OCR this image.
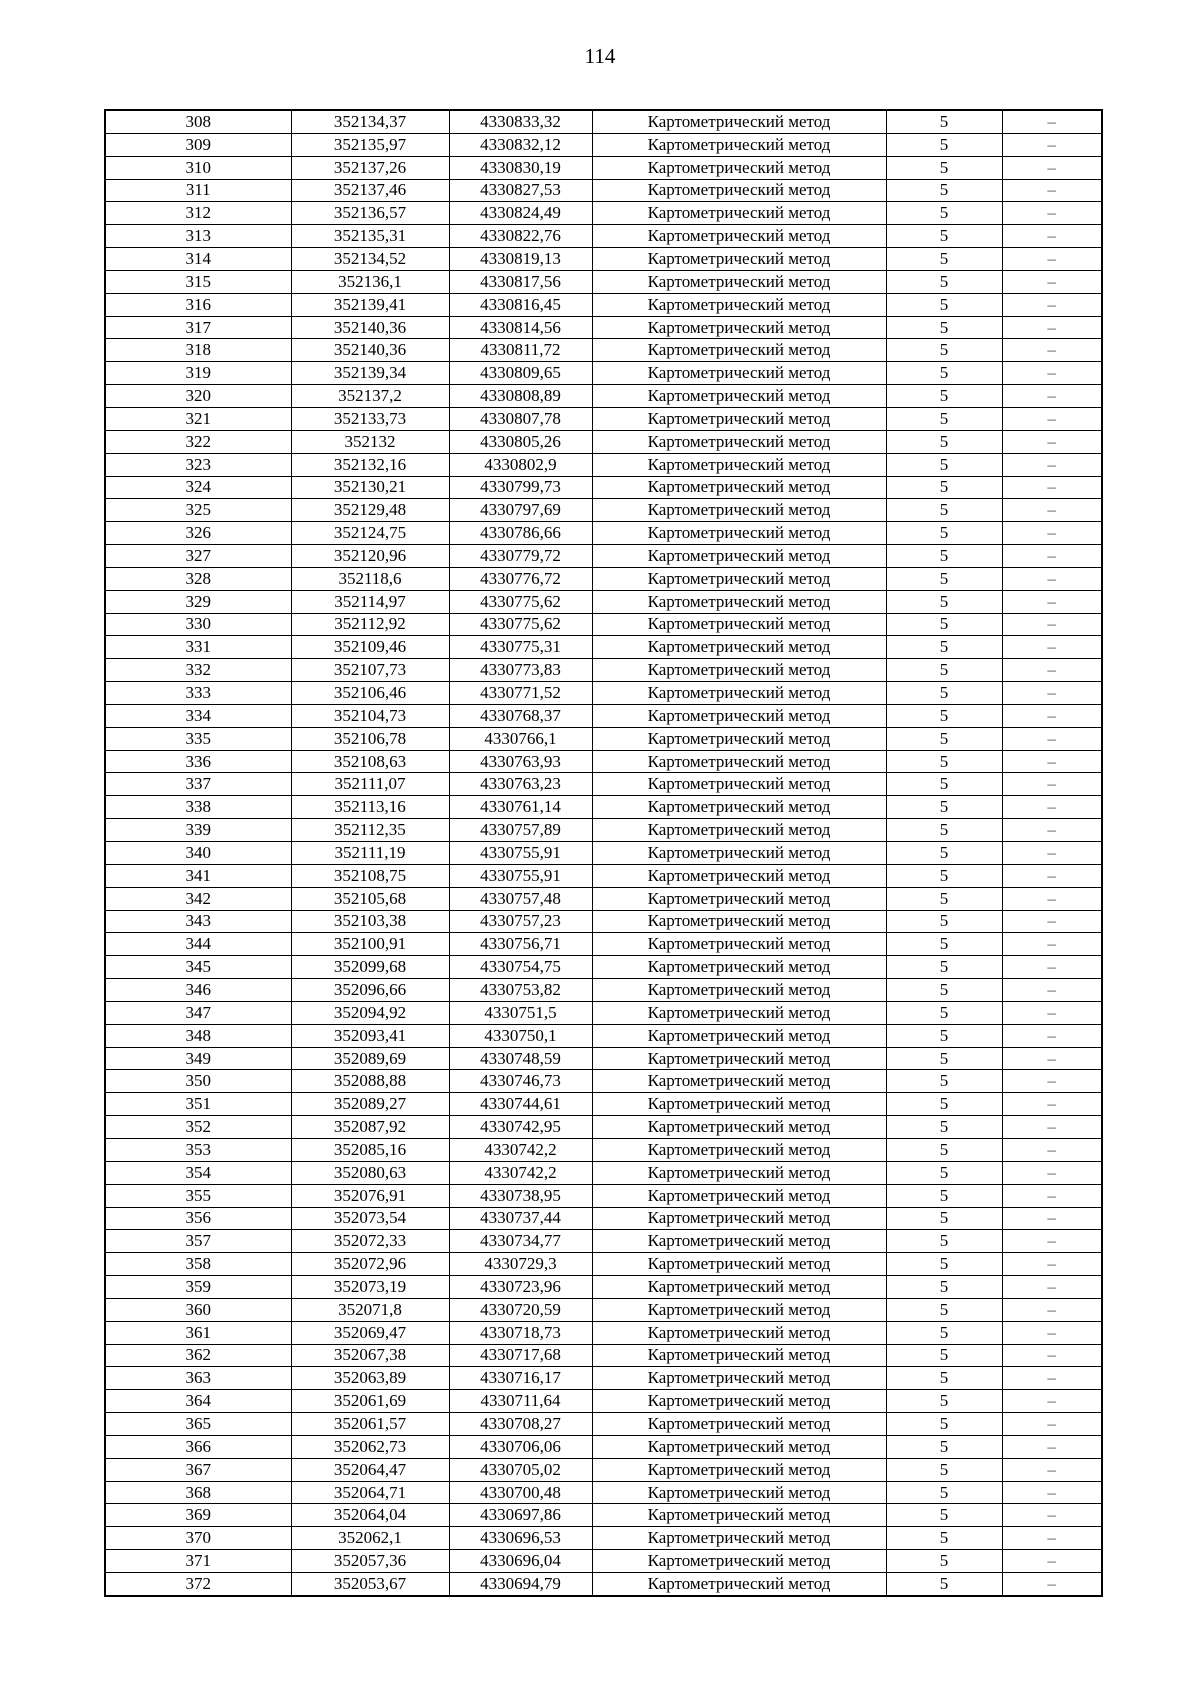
114
308	352134,37	4330833,32	Картометрический метод	5	–
309	352135,97	4330832,12	Картометрический метод	5	–
310	352137,26	4330830,19	Картометрический метод	5	–
311	352137,46	4330827,53	Картометрический метод	5	–
312	352136,57	4330824,49	Картометрический метод	5	–
313	352135,31	4330822,76	Картометрический метод	5	–
314	352134,52	4330819,13	Картометрический метод	5	–
315	352136,1	4330817,56	Картометрический метод	5	–
316	352139,41	4330816,45	Картометрический метод	5	–
317	352140,36	4330814,56	Картометрический метод	5	–
318	352140,36	4330811,72	Картометрический метод	5	–
319	352139,34	4330809,65	Картометрический метод	5	–
320	352137,2	4330808,89	Картометрический метод	5	–
321	352133,73	4330807,78	Картометрический метод	5	–
322	352132	4330805,26	Картометрический метод	5	–
323	352132,16	4330802,9	Картометрический метод	5	–
324	352130,21	4330799,73	Картометрический метод	5	–
325	352129,48	4330797,69	Картометрический метод	5	–
326	352124,75	4330786,66	Картометрический метод	5	–
327	352120,96	4330779,72	Картометрический метод	5	–
328	352118,6	4330776,72	Картометрический метод	5	–
329	352114,97	4330775,62	Картометрический метод	5	–
330	352112,92	4330775,62	Картометрический метод	5	–
331	352109,46	4330775,31	Картометрический метод	5	–
332	352107,73	4330773,83	Картометрический метод	5	–
333	352106,46	4330771,52	Картометрический метод	5	–
334	352104,73	4330768,37	Картометрический метод	5	–
335	352106,78	4330766,1	Картометрический метод	5	–
336	352108,63	4330763,93	Картометрический метод	5	–
337	352111,07	4330763,23	Картометрический метод	5	–
338	352113,16	4330761,14	Картометрический метод	5	–
339	352112,35	4330757,89	Картометрический метод	5	–
340	352111,19	4330755,91	Картометрический метод	5	–
341	352108,75	4330755,91	Картометрический метод	5	–
342	352105,68	4330757,48	Картометрический метод	5	–
343	352103,38	4330757,23	Картометрический метод	5	–
344	352100,91	4330756,71	Картометрический метод	5	–
345	352099,68	4330754,75	Картометрический метод	5	–
346	352096,66	4330753,82	Картометрический метод	5	–
347	352094,92	4330751,5	Картометрический метод	5	–
348	352093,41	4330750,1	Картометрический метод	5	–
349	352089,69	4330748,59	Картометрический метод	5	–
350	352088,88	4330746,73	Картометрический метод	5	–
351	352089,27	4330744,61	Картометрический метод	5	–
352	352087,92	4330742,95	Картометрический метод	5	–
353	352085,16	4330742,2	Картометрический метод	5	–
354	352080,63	4330742,2	Картометрический метод	5	–
355	352076,91	4330738,95	Картометрический метод	5	–
356	352073,54	4330737,44	Картометрический метод	5	–
357	352072,33	4330734,77	Картометрический метод	5	–
358	352072,96	4330729,3	Картометрический метод	5	–
359	352073,19	4330723,96	Картометрический метод	5	–
360	352071,8	4330720,59	Картометрический метод	5	–
361	352069,47	4330718,73	Картометрический метод	5	–
362	352067,38	4330717,68	Картометрический метод	5	–
363	352063,89	4330716,17	Картометрический метод	5	–
364	352061,69	4330711,64	Картометрический метод	5	–
365	352061,57	4330708,27	Картометрический метод	5	–
366	352062,73	4330706,06	Картометрический метод	5	–
367	352064,47	4330705,02	Картометрический метод	5	–
368	352064,71	4330700,48	Картометрический метод	5	–
369	352064,04	4330697,86	Картометрический метод	5	–
370	352062,1	4330696,53	Картометрический метод	5	–
371	352057,36	4330696,04	Картометрический метод	5	–
372	352053,67	4330694,79	Картометрический метод	5	–
